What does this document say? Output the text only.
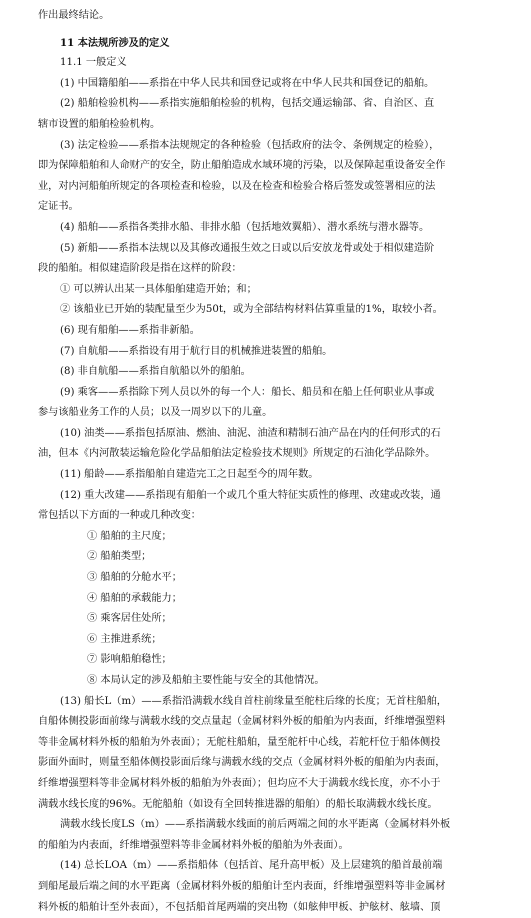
作出最终结论。
11 本法规所涉及的定义
11.1 一般定义
(1) 中国籍船舶——系指在中华人民共和国登记或将在中华人民共和国登记的船舶。
(2) 船舶检验机构——系指实施船舶检验的机构，包括交通运输部、省、自治区、直
辖市设置的船舶检验机构。
(3) 法定检验——系指本法规规定的各种检验（包括政府的法令、条例规定的检验），
即为保障船舶和人命财产的安全，防止船舶造成水域环境的污染，以及保障起重设备安全作
业，对内河船舶所规定的各项检查和检验，以及在检查和检验合格后签发或签署相应的法
定证书。
(4) 船舶——系指各类排水船、非排水船（包括地效翼船）、潜水系统与潜水器等。
(5) 新船——系指本法规以及其修改通报生效之日或以后安放龙骨或处于相似建造阶
段的船舶。相似建造阶段是指在这样的阶段：
① 可以辨认出某一具体船舶建造开始；和；
② 该船业已开始的装配量至少为50t，或为全部结构材料估算重量的1%，取较小者。
(6) 现有船舶——系指非新船。
(7) 自航船——系指设有用于航行目的机械推进装置的船舶。
(8) 非自航船——系指自航船以外的船舶。
(9) 乘客——系指除下列人员以外的每一个人：船长、船员和在船上任何职业从事或
参与该船业务工作的人员；以及一周岁以下的儿童。
(10) 油类——系指包括原油、燃油、油泥、油渣和精制石油产品在内的任何形式的石
油，但本《内河散装运输危险化学品船舶法定检验技术规则》所规定的石油化学品除外。
(11) 船龄——系指船舶自建造完工之日起至今的周年数。
(12) 重大改建——系指现有船舶一个或几个重大特征实质性的修理、改建或改装，通
常包括以下方面的一种或几种改变：
① 船舶的主尺度；
② 船舶类型；
③ 船舶的分舱水平；
④ 船舶的承载能力；
⑤ 乘客居住处所；
⑥ 主推进系统；
⑦ 影响船舶稳性；
⑧ 本局认定的涉及船舶主要性能与安全的其他情况。
(13) 船长L（m）——系指沿满载水线自首柱前缘量至舵柱后缘的长度；无首柱船舶，
自船体侧投影面前缘与满载水线的交点量起（金属材料外板的船舶为内表面，纤维增强塑料
等非金属材料外板的船舶为外表面）；无舵柱船舶，量至舵杆中心线，若舵杆位于船体侧投
影面外面时，则量至船体侧投影面后缘与满载水线的交点（金属材料外板的船舶为内表面，
纤维增强塑料等非金属材料外板的船舶为外表面）；但均应不大于满载水线长度，亦不小于
满载水线长度的96%。无舵船舶（如设有全回转推进器的船舶）的船长取满载水线长度。
满载水线长度LS（m）——系指满载水线面的前后两端之间的水平距离（金属材料外板
的船舶为内表面，纤维增强塑料等非金属材料外板的船舶为外表面）。
(14) 总长LOA（m）——系指船体（包括首、尾升高甲板）及上层建筑的船首最前端
到船尾最后端之间的水平距离（金属材料外板的船舶计至内表面，纤维增强塑料等非金属材
料外板的船舶计至外表面），不包括船首尾两端的突出物（如舷伸甲板、护舷材、舷墙、顶
